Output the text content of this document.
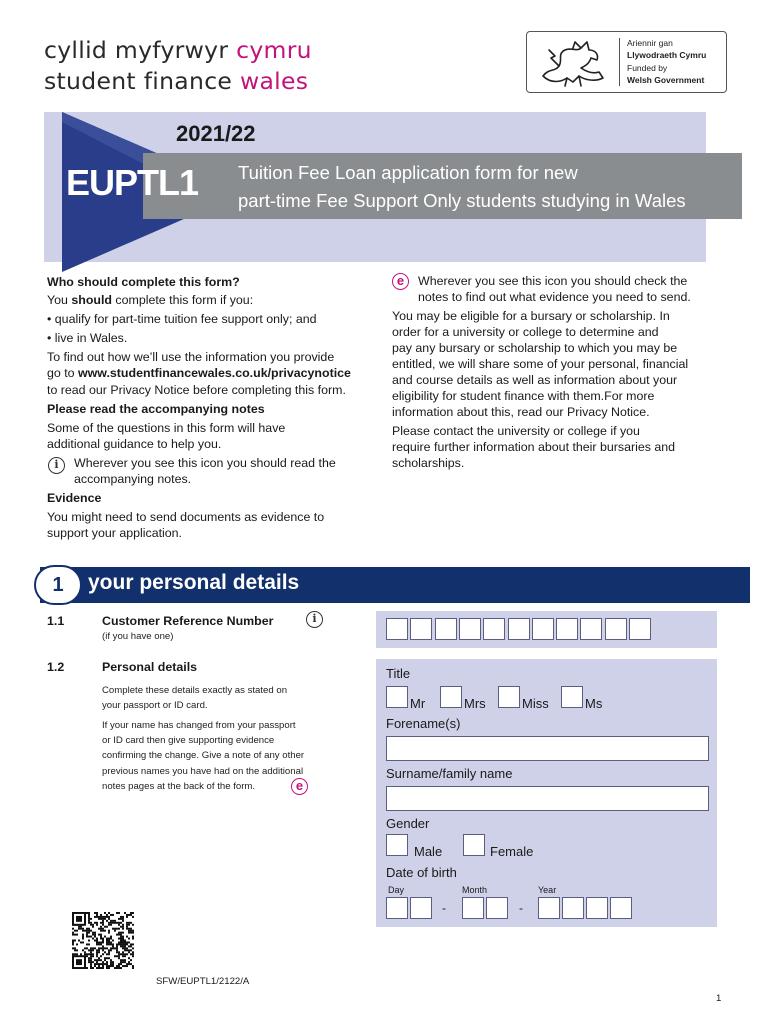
cyllid myfyrwyr cymru
student finance wales
Ariennir gan
Llywodraeth Cymru
Funded by
Welsh Government
2021/22
EUPTL1 Tuition Fee Loan application form for new
part-time Fee Support Only students studying in Wales
Who should complete this form?
You should complete this form if you:
• qualify for part-time tuition fee support only; and
• live in Wales.
To find out how we’ll use the information you provide
go to www.studentfinancewales.co.uk/privacynotice
to read our Privacy Notice before completing this form.
Please read the accompanying notes
Some of the questions in this form will have
additional guidance to help you.
i	Wherever you see this icon you should read the
accompanying notes.
Evidence
You might need to send documents as evidence to
support your application.
e	Wherever you see this icon you should check the
notes to find out what evidence you need to send.
You may be eligible for a bursary or scholarship. In
order for a university or college to determine and
pay any bursary or scholarship to which you may be
entitled, we will share some of your personal, financial
and course details as well as information about your
eligibility for student finance with them.For more
information about this, read our Privacy Notice.
Please contact the university or college if you
require further information about their bursaries and
scholarships.
1	your personal details
1.1	Customer Reference Number	i
(if you have one)
1.2	Personal details
Complete these details exactly as stated on
your passport or ID card.
If your name has changed from your passport
or ID card then give supporting evidence
confirming the change. Give a note of any other
previous names you have had on the additional
notes pages at the back of the form.	e
Title
Mr	Mrs	Miss	Ms
Forename(s)
Surname/family name
Gender
Male	Female
Date of birth
Day	Month	Year
-	-
SFW/EUPTL1/2122/A
1
